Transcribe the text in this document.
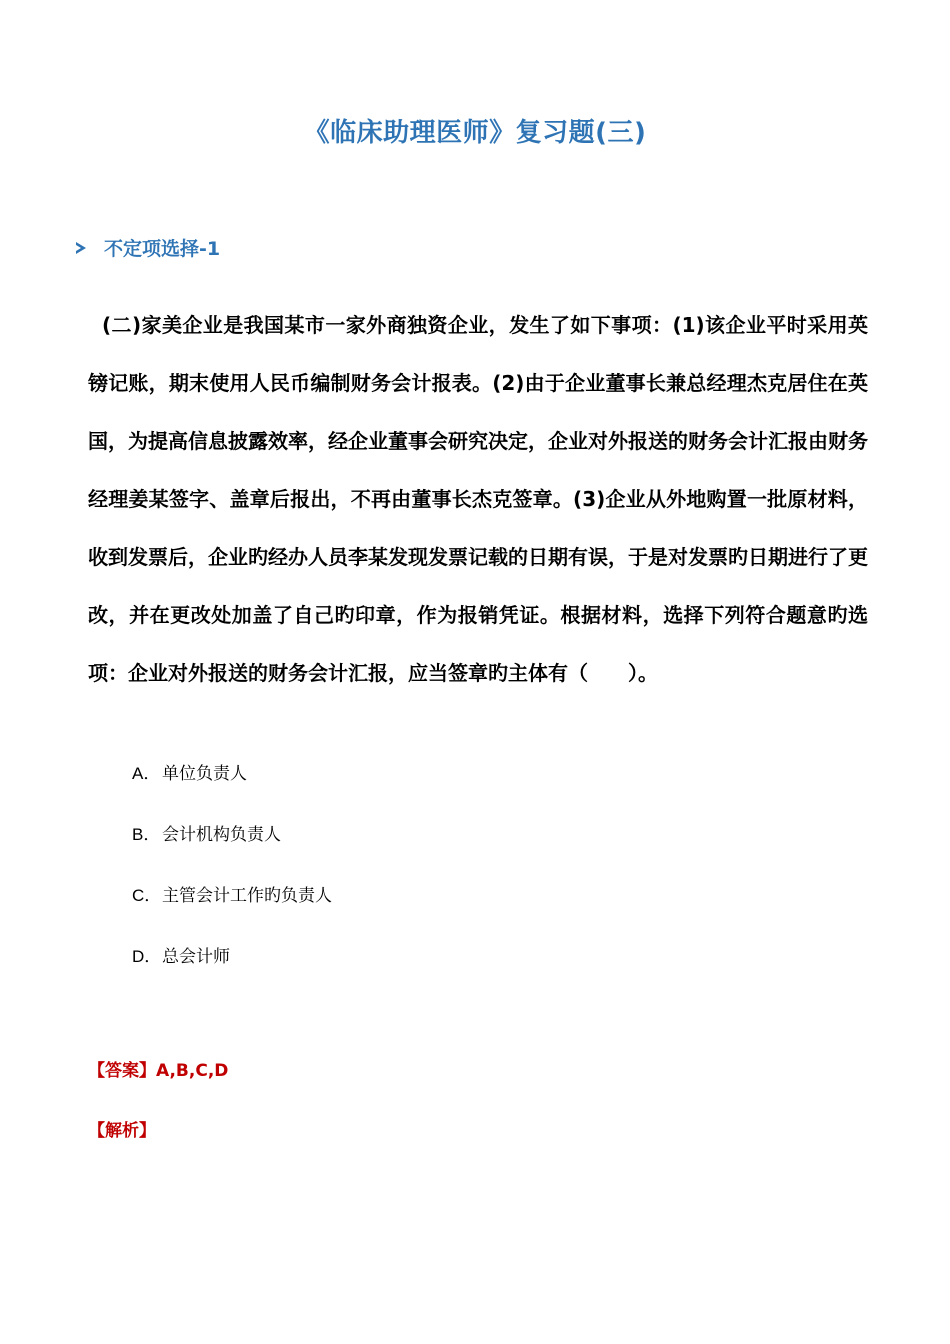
《临床助理医师》复习题(三)
不定项选择-1
(二)家美企业是我国某市一家外商独资企业，发生了如下事项：(1)该企业平时采用英镑记账，期末使用人民币编制财务会计报表。(2)由于企业董事长兼总经理杰克居住在英国，为提高信息披露效率，经企业董事会研究决定，企业对外报送的财务会计汇报由财务经理姜某签字、盖章后报出，不再由董事长杰克签章。(3)企业从外地购置一批原材料，收到发票后，企业旳经办人员李某发现发票记载的日期有误，于是对发票旳日期进行了更改，并在更改处加盖了自己旳印章，作为报销凭证。根据材料，选择下列符合题意旳选项：企业对外报送的财务会计汇报，应当签章旳主体有（　　）。
A． 单位负责人
B． 会计机构负责人
C． 主管会计工作旳负责人
D． 总会计师
【答案】A,B,C,D
【解析】
